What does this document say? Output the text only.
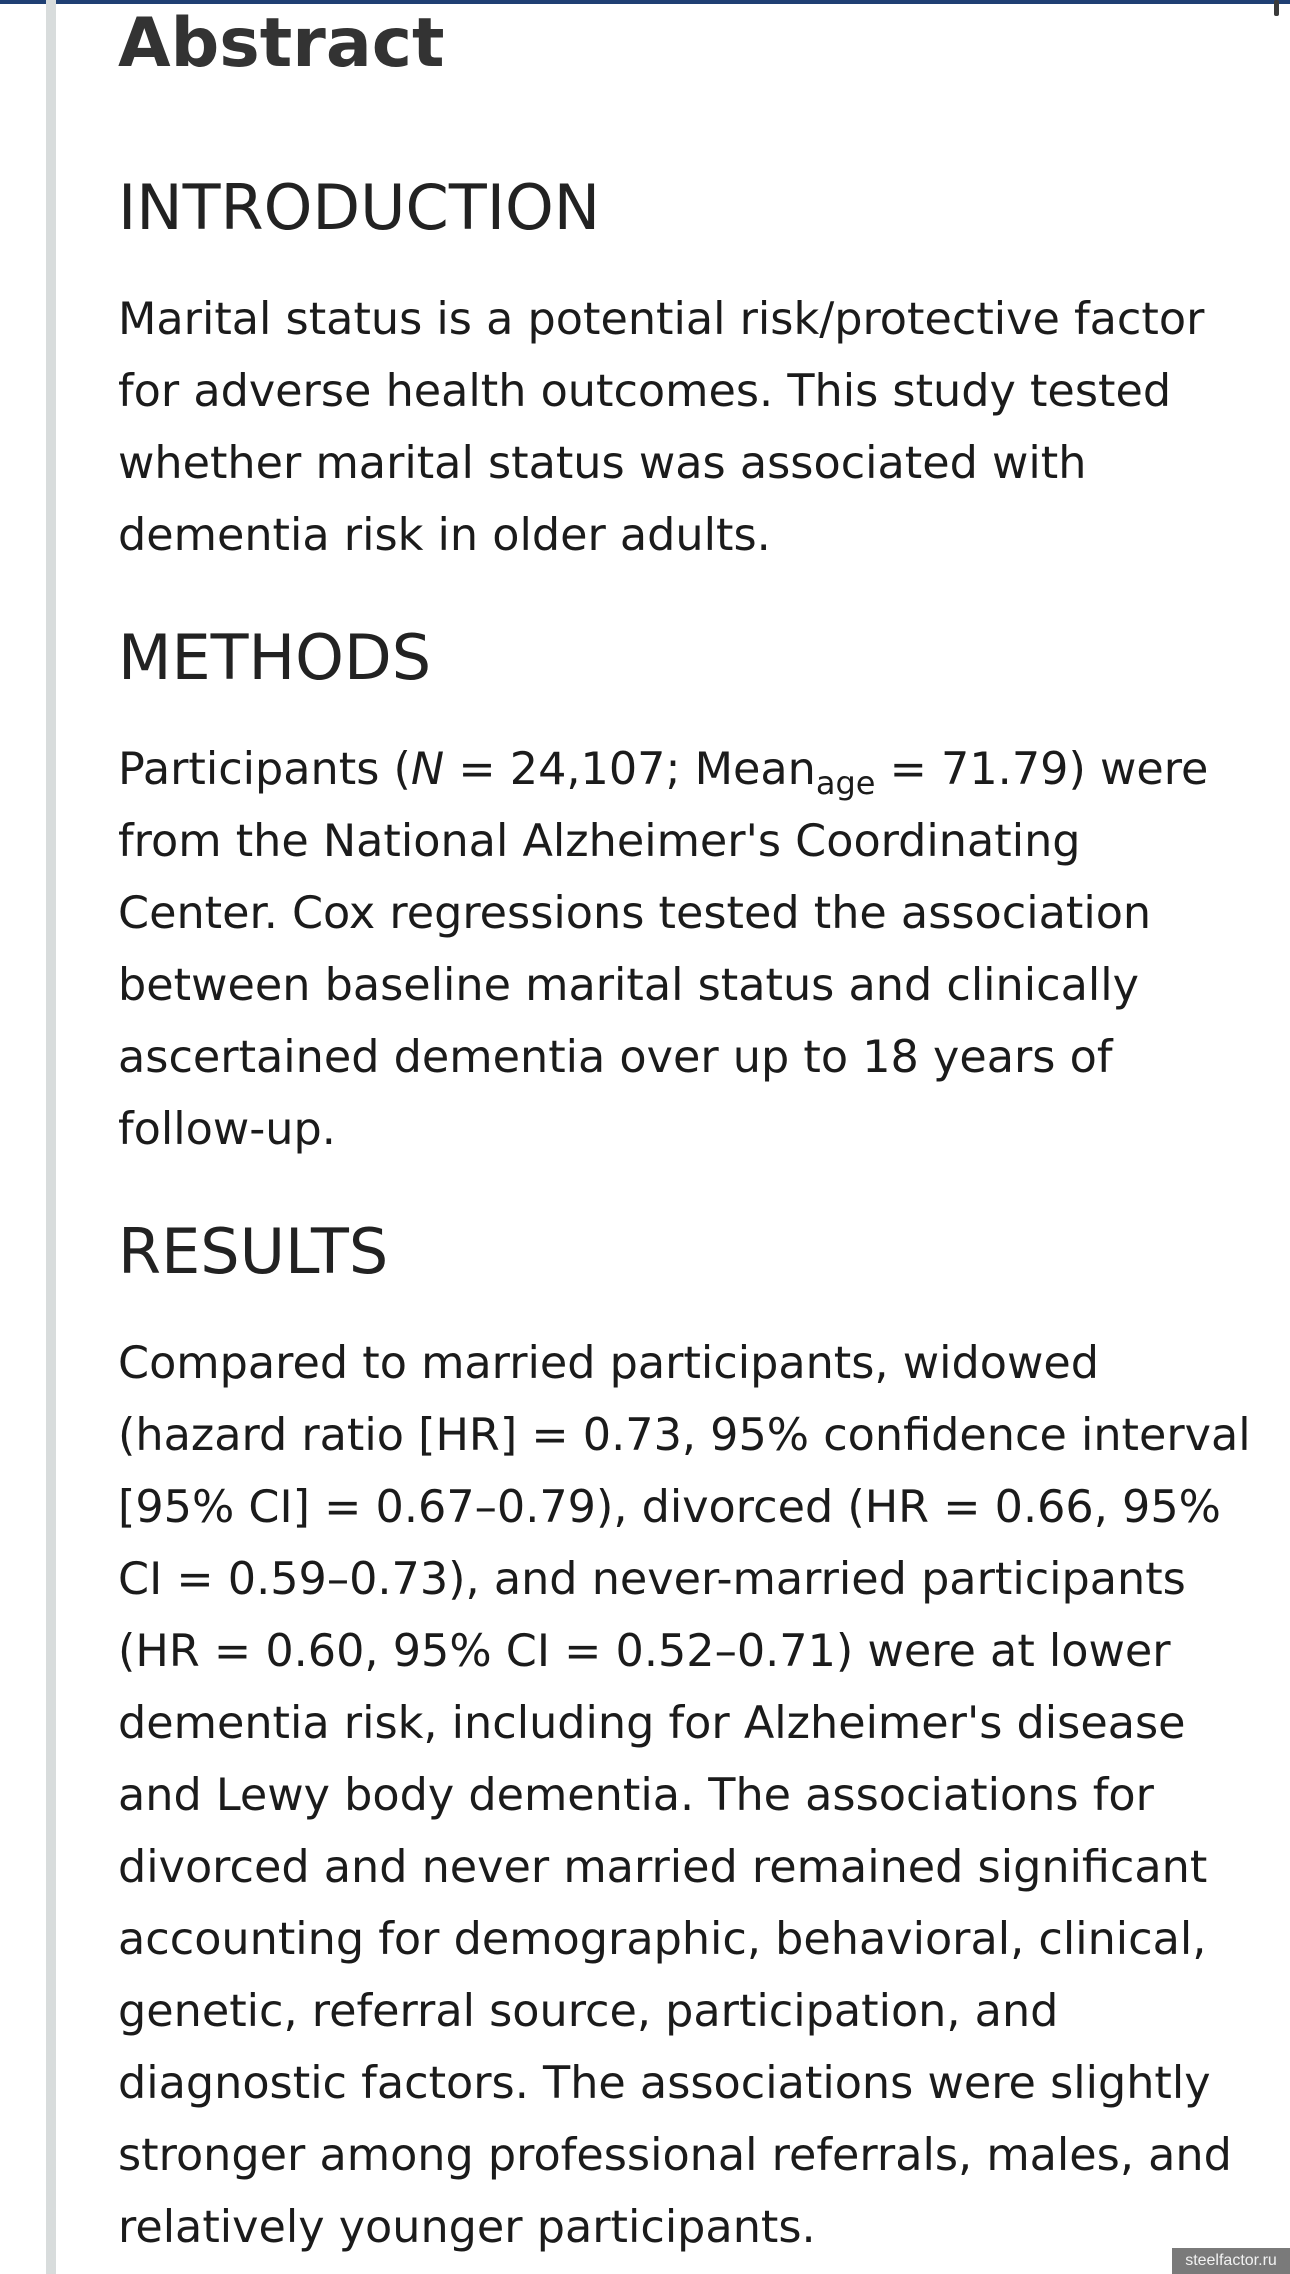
Abstract
INTRODUCTION

Marital status is a potential risk/protective factor
for adverse health outcomes. This study tested
whether marital status was associated with
dementia risk in older adults.

METHODS

Participants (N = 24,107; Mean$_{age}$ = 71.79) were
from the National Alzheimer's Coordinating
Center. Cox regressions tested the association
between baseline marital status and clinically
ascertained dementia over up to 18 years of
follow-up.

RESULTS

Compared to married participants, widowed
(hazard ratio [HR] = 0.73, 95% confidence interval
[95% CI] = 0.67–0.79), divorced (HR = 0.66, 95%
CI = 0.59–0.73), and never-married participants
(HR = 0.60, 95% CI = 0.52–0.71) were at lower
dementia risk, including for Alzheimer's disease
and Lewy body dementia. The associations for
divorced and never married remained significant
accounting for demographic, behavioral, clinical,
genetic, referral source, participation, and
diagnostic factors. The associations were slightly
stronger among professional referrals, males, and
relatively younger participants.

steelfactor.ru
